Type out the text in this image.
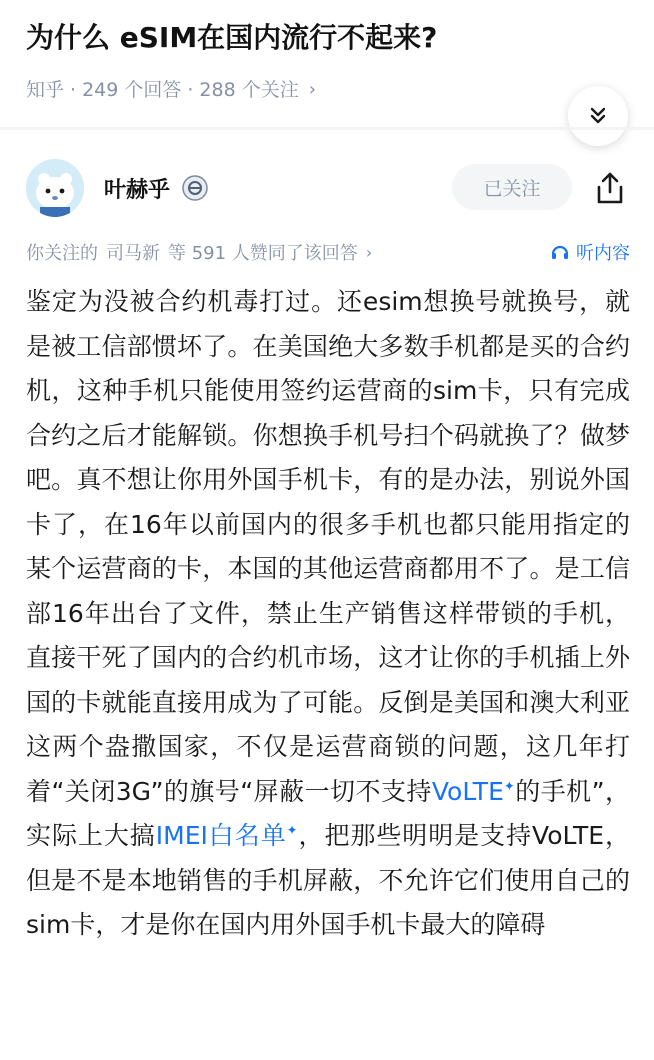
为什么 eSIM在国内流行不起来?
知乎 · 249 个回答 · 288 个关注 ›
叶赫乎	已关注
你关注的 司马新 等 591 人赞同了该回答 ›	听内容

鉴定为没被合约机毒打过。还esim想换号就换号，就是被工信部惯坏了。在美国绝大多数手机都是买的合约机，这种手机只能使用签约运营商的sim卡，只有完成合约之后才能解锁。你想换手机号扫个码就换了？做梦吧。真不想让你用外国手机卡，有的是办法，别说外国卡了，在16年以前国内的很多手机也都只能用指定的某个运营商的卡，本国的其他运营商都用不了。是工信部16年出台了文件，禁止生产销售这样带锁的手机，直接干死了国内的合约机市场，这才让你的手机插上外国的卡就能直接用成为了可能。反倒是美国和澳大利亚这两个盎撒国家，不仅是运营商锁的问题，这几年打着“关闭3G”的旗号“屏蔽一切不支持VoLTE✦的手机”，实际上大搞IMEI白名单✦，把那些明明是支持VoLTE，但是不是本地销售的手机屏蔽，不允许它们使用自己的sim卡，才是你在国内用外国手机卡最大的障碍
